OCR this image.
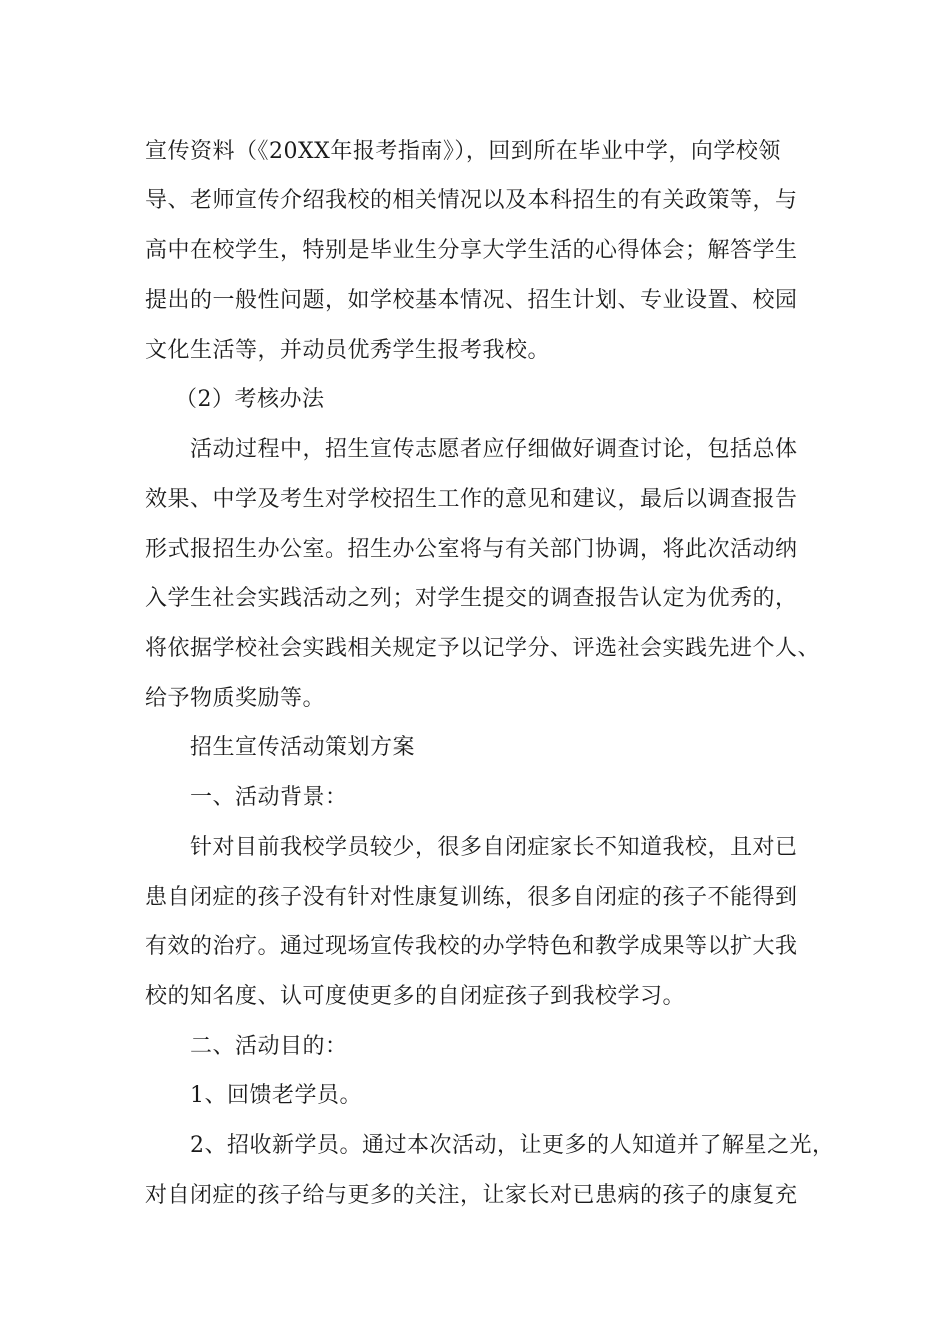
宣传资料（《20XX年报考指南》），回到所在毕业中学，向学校领
导、老师宣传介绍我校的相关情况以及本科招生的有关政策等，与
高中在校学生，特别是毕业生分享大学生活的心得体会；解答学生
提出的一般性问题，如学校基本情况、招生计划、专业设置、校园
文化生活等，并动员优秀学生报考我校。
（2）考核办法
活动过程中，招生宣传志愿者应仔细做好调查讨论，包括总体
效果、中学及考生对学校招生工作的意见和建议，最后以调查报告
形式报招生办公室。招生办公室将与有关部门协调，将此次活动纳
入学生社会实践活动之列；对学生提交的调查报告认定为优秀的，
将依据学校社会实践相关规定予以记学分、评选社会实践先进个人、
给予物质奖励等。
招生宣传活动策划方案
一、活动背景：
针对目前我校学员较少，很多自闭症家长不知道我校，且对已
患自闭症的孩子没有针对性康复训练，很多自闭症的孩子不能得到
有效的治疗。通过现场宣传我校的办学特色和教学成果等以扩大我
校的知名度、认可度使更多的自闭症孩子到我校学习。
二、活动目的：
1、回馈老学员。
2、招收新学员。通过本次活动，让更多的人知道并了解星之光，
对自闭症的孩子给与更多的关注，让家长对已患病的孩子的康复充
